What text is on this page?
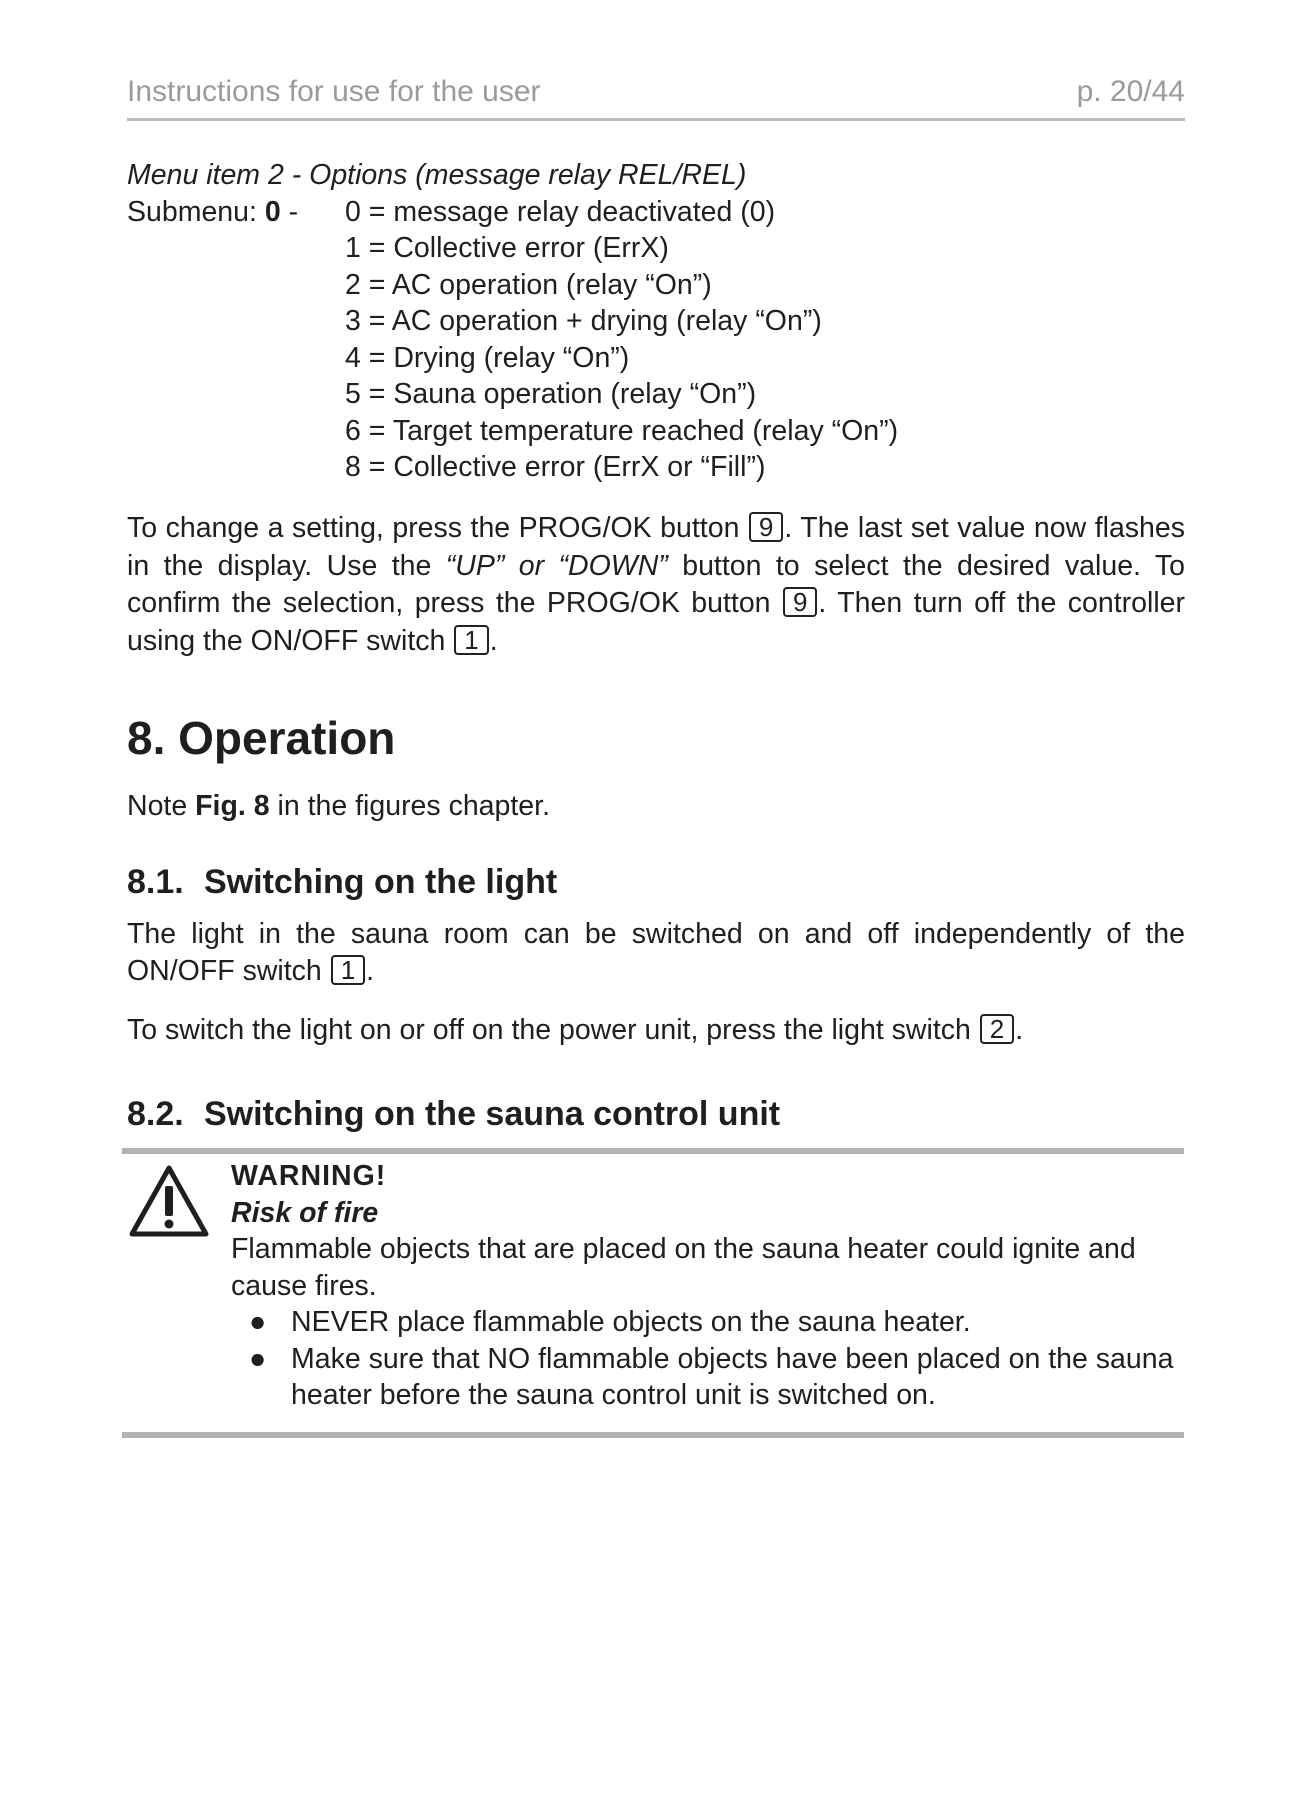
Instructions for use for the user	p. 20/44
Menu item 2 - Options (message relay REL/REL)
Submenu: 0 - 0 = message relay deactivated (0)
1 = Collective error (ErrX)
2 = AC operation (relay “On”)
3 = AC operation + drying (relay “On”)
4 = Drying (relay “On”)
5 = Sauna operation (relay “On”)
6 = Target temperature reached (relay “On”)
8 = Collective error (ErrX or “Fill”)
To change a setting, press the PROG/OK button 9 . The last set value now flashes in the display. Use the “UP” or “DOWN” button to select the desired value. To confirm the selection, press the PROG/OK button 9 . Then turn off the controller using the ON/OFF switch 1 .
8. Operation
Note Fig. 8 in the figures chapter.
8.1. Switching on the light
The light in the sauna room can be switched on and off independently of the ON/OFF switch 1 .
To switch the light on or off on the power unit, press the light switch 2 .
8.2. Switching on the sauna control unit
WARNING!
Risk of fire
Flammable objects that are placed on the sauna heater could ignite and cause fires.
● NEVER place flammable objects on the sauna heater.
● Make sure that NO flammable objects have been placed on the sauna heater before the sauna control unit is switched on.
